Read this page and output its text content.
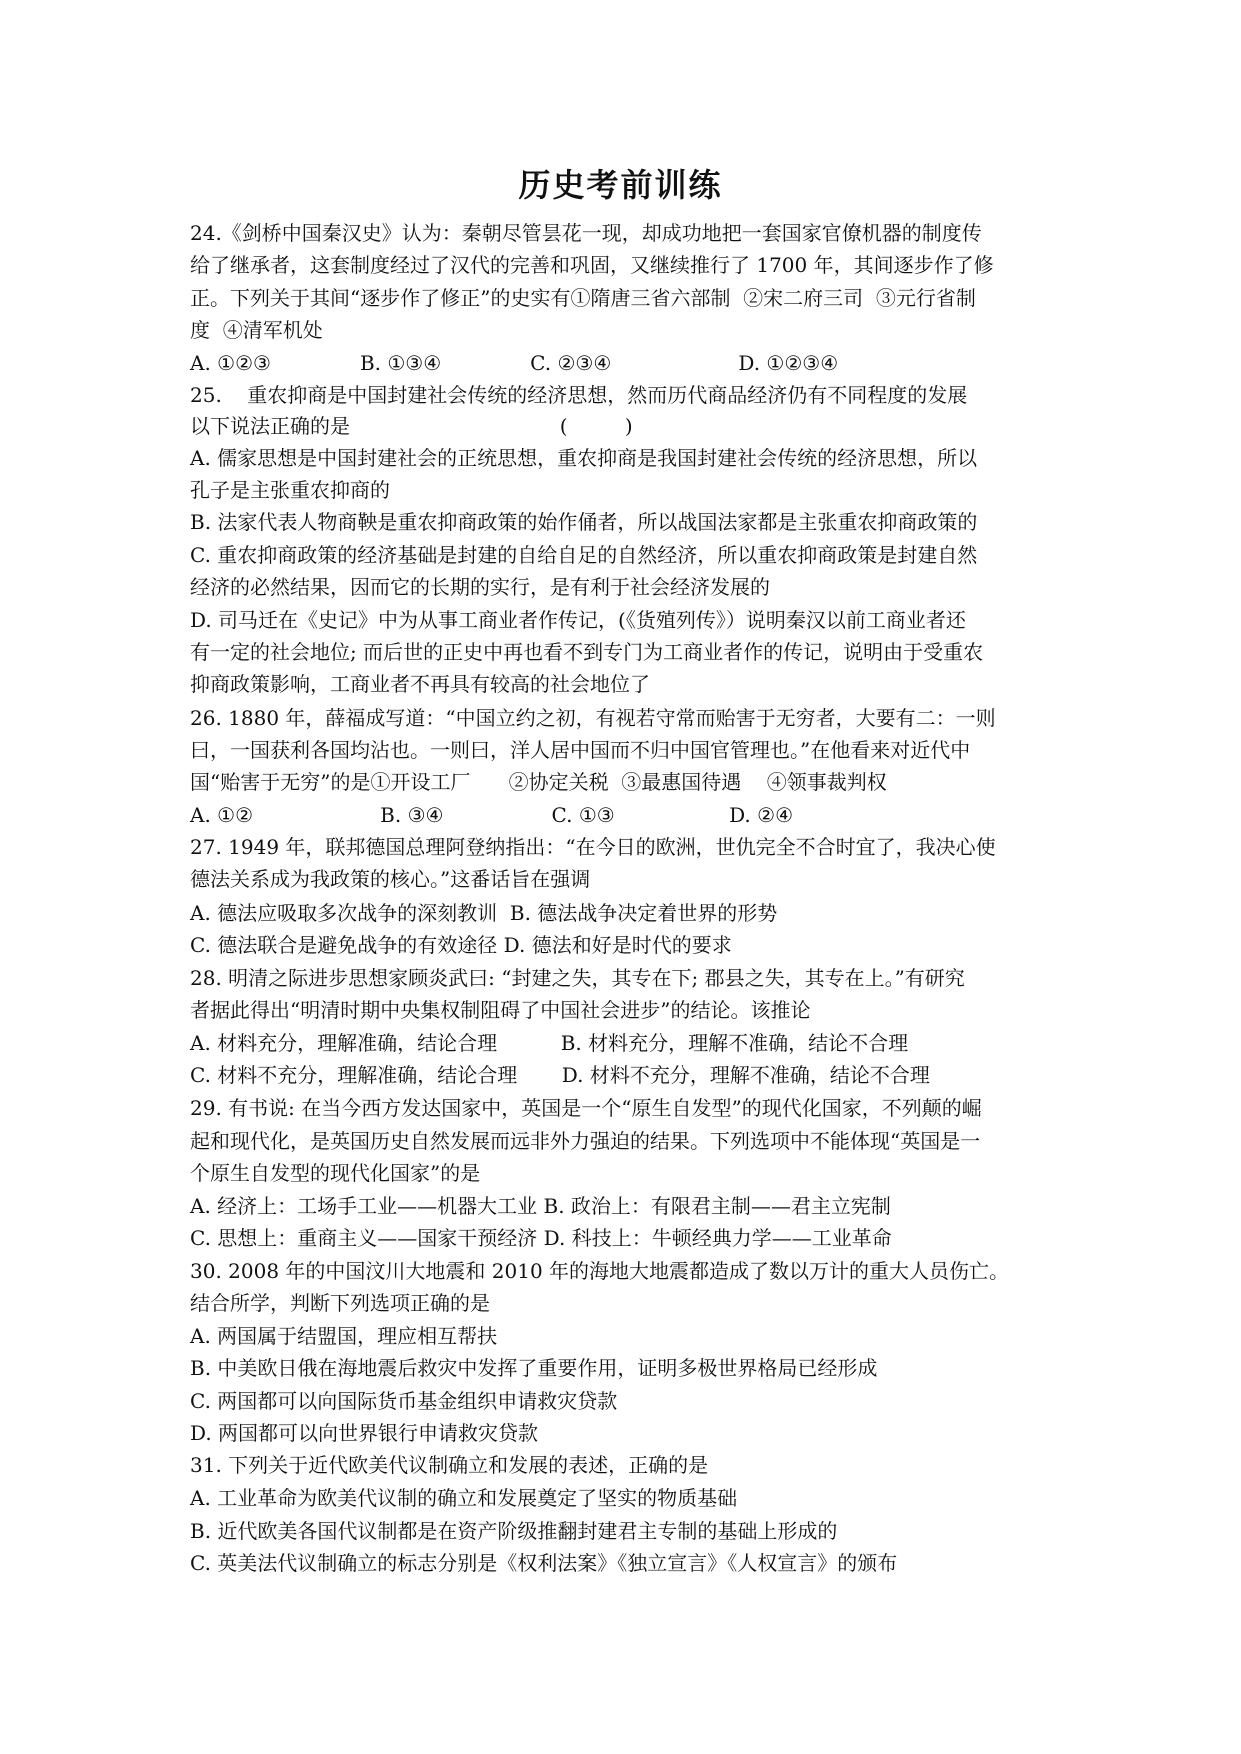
历史考前训练
24.《剑桥中国秦汉史》认为：秦朝尽管昙花一现，却成功地把一套国家官僚机器的制度传
给了继承者，这套制度经过了汉代的完善和巩固，又继续推行了 1700 年，其间逐步作了修
正。下列关于其间“逐步作了修正”的史实有①隋唐三省六部制  ②宋二府三司  ③元行省制
度  ④清军机处
A. ①②③              B. ①③④              C. ②③④                    D. ①②③④
25.    重农抑商是中国封建社会传统的经济思想，然而历代商品经济仍有不同程度的发展
以下说法正确的是                                 (         )
A. 儒家思想是中国封建社会的正统思想，重农抑商是我国封建社会传统的经济思想，所以
孔子是主张重农抑商的
B. 法家代表人物商鞅是重农抑商政策的始作俑者，所以战国法家都是主张重农抑商政策的
C. 重农抑商政策的经济基础是封建的自给自足的自然经济，所以重农抑商政策是封建自然
经济的必然结果，因而它的长期的实行，是有利于社会经济发展的
D. 司马迁在《史记》中为从事工商业者作传记，(《货殖列传》）说明秦汉以前工商业者还
有一定的社会地位; 而后世的正史中再也看不到专门为工商业者作的传记，说明由于受重农
抑商政策影响，工商业者不再具有较高的社会地位了
26. 1880 年，薛福成写道：“中国立约之初，有视若守常而贻害于无穷者，大要有二：一则
曰，一国获利各国均沾也。一则曰，洋人居中国而不归中国官管理也。”在他看来对近代中
国“贻害于无穷”的是①开设工厂      ②协定关税  ③最惠国待遇    ④领事裁判权
A. ①②                    B. ③④                 C. ①③                  D. ②④
27. 1949 年，联邦德国总理阿登纳指出：“在今日的欧洲，世仇完全不合时宜了，我决心使
德法关系成为我政策的核心。”这番话旨在强调
A. 德法应吸取多次战争的深刻教训  B. 德法战争决定着世界的形势
C. 德法联合是避免战争的有效途径 D. 德法和好是时代的要求
28. 明清之际进步思想家顾炎武曰: “封建之失，其专在下; 郡县之失，其专在上。”有研究
者据此得出“明清时期中央集权制阻碍了中国社会进步”的结论。该推论
A. 材料充分，理解准确，结论合理          B. 材料充分，理解不准确，结论不合理
C. 材料不充分，理解准确，结论合理       D. 材料不充分，理解不准确，结论不合理
29. 有书说: 在当今西方发达国家中，英国是一个“原生自发型”的现代化国家，不列颠的崛
起和现代化，是英国历史自然发展而远非外力强迫的结果。下列选项中不能体现“英国是一
个原生自发型的现代化国家”的是
A. 经济上：工场手工业——机器大工业 B. 政治上：有限君主制——君主立宪制
C. 思想上：重商主义——国家干预经济 D. 科技上：牛顿经典力学——工业革命
30. 2008 年的中国汶川大地震和 2010 年的海地大地震都造成了数以万计的重大人员伤亡。
结合所学，判断下列选项正确的是
A. 两国属于结盟国，理应相互帮扶
B. 中美欧日俄在海地震后救灾中发挥了重要作用，证明多极世界格局已经形成
C. 两国都可以向国际货币基金组织申请救灾贷款
D. 两国都可以向世界银行申请救灾贷款
31. 下列关于近代欧美代议制确立和发展的表述，正确的是
A. 工业革命为欧美代议制的确立和发展奠定了坚实的物质基础
B. 近代欧美各国代议制都是在资产阶级推翻封建君主专制的基础上形成的
C. 英美法代议制确立的标志分别是《权利法案》《独立宣言》《人权宣言》的颁布
